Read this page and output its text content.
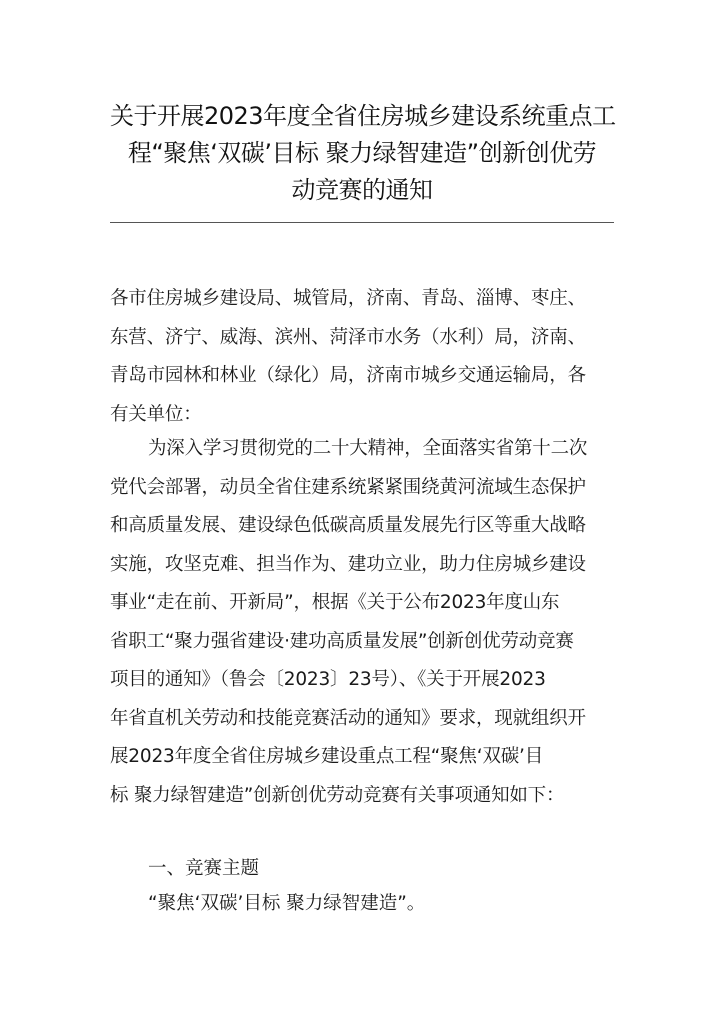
关于开展2023年度全省住房城乡建设系统重点工
程“聚焦‘双碳’目标 聚力绿智建造”创新创优劳
动竞赛的通知
各市住房城乡建设局、城管局，济南、青岛、淄博、枣庄、
东营、济宁、威海、滨州、菏泽市水务（水利）局，济南、
青岛市园林和林业（绿化）局，济南市城乡交通运输局，各
有关单位：
为深入学习贯彻党的二十大精神，全面落实省第十二次
党代会部署，动员全省住建系统紧紧围绕黄河流域生态保护
和高质量发展、建设绿色低碳高质量发展先行区等重大战略
实施，攻坚克难、担当作为、建功立业，助力住房城乡建设
事业“走在前、开新局”，根据《关于公布2023年度山东
省职工“聚力强省建设·建功高质量发展”创新创优劳动竞赛
项目的通知》（鲁会〔2023〕23号）、《关于开展2023
年省直机关劳动和技能竞赛活动的通知》要求，现就组织开
展2023年度全省住房城乡建设重点工程“聚焦‘双碳’目
标 聚力绿智建造”创新创优劳动竞赛有关事项通知如下：
一、竞赛主题
“聚焦‘双碳’目标 聚力绿智建造”。
